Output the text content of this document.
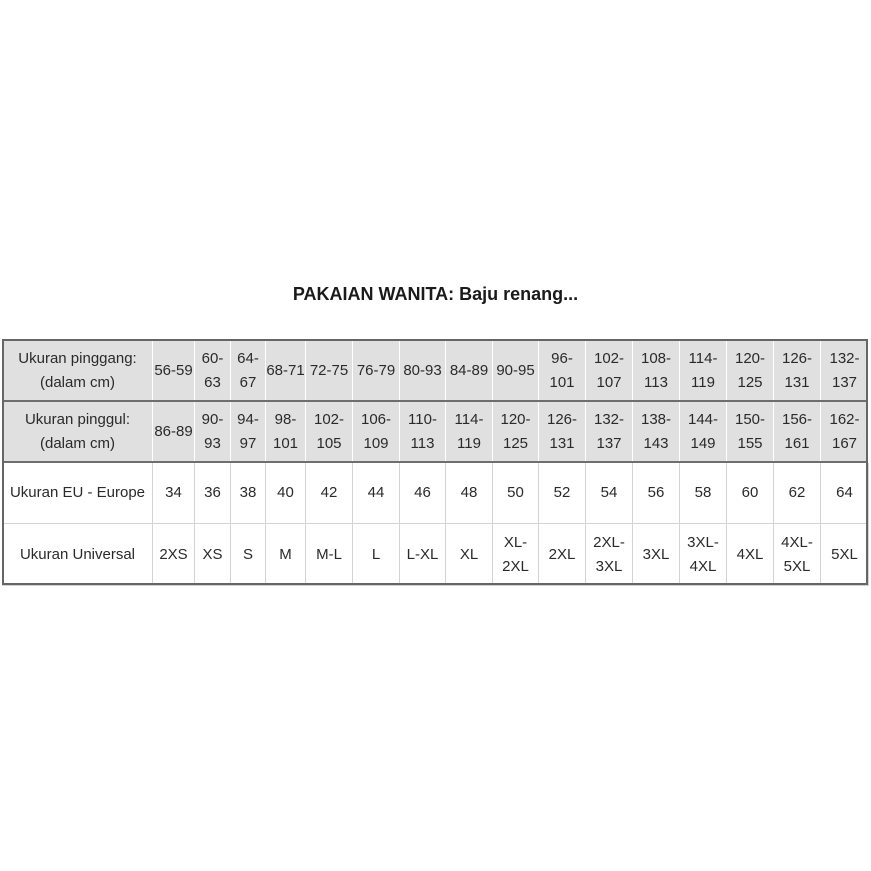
PAKAIAN WANITA: Baju renang...
Ukuran pinggang: (dalam cm)	56-59	60-63	64-67	68-71	72-75	76-79	80-93	84-89	90-95	96-101	102-107	108-113	114-119	120-125	126-131	132-137
Ukuran pinggul: (dalam cm)	86-89	90-93	94-97	98-101	102-105	106-109	110-113	114-119	120-125	126-131	132-137	138-143	144-149	150-155	156-161	162-167
Ukuran EU - Europe	34	36	38	40	42	44	46	48	50	52	54	56	58	60	62	64
Ukuran Universal	2XS	XS	S	M	M-L	L	L-XL	XL	XL-2XL	2XL	2XL-3XL	3XL	3XL-4XL	4XL	4XL-5XL	5XL
